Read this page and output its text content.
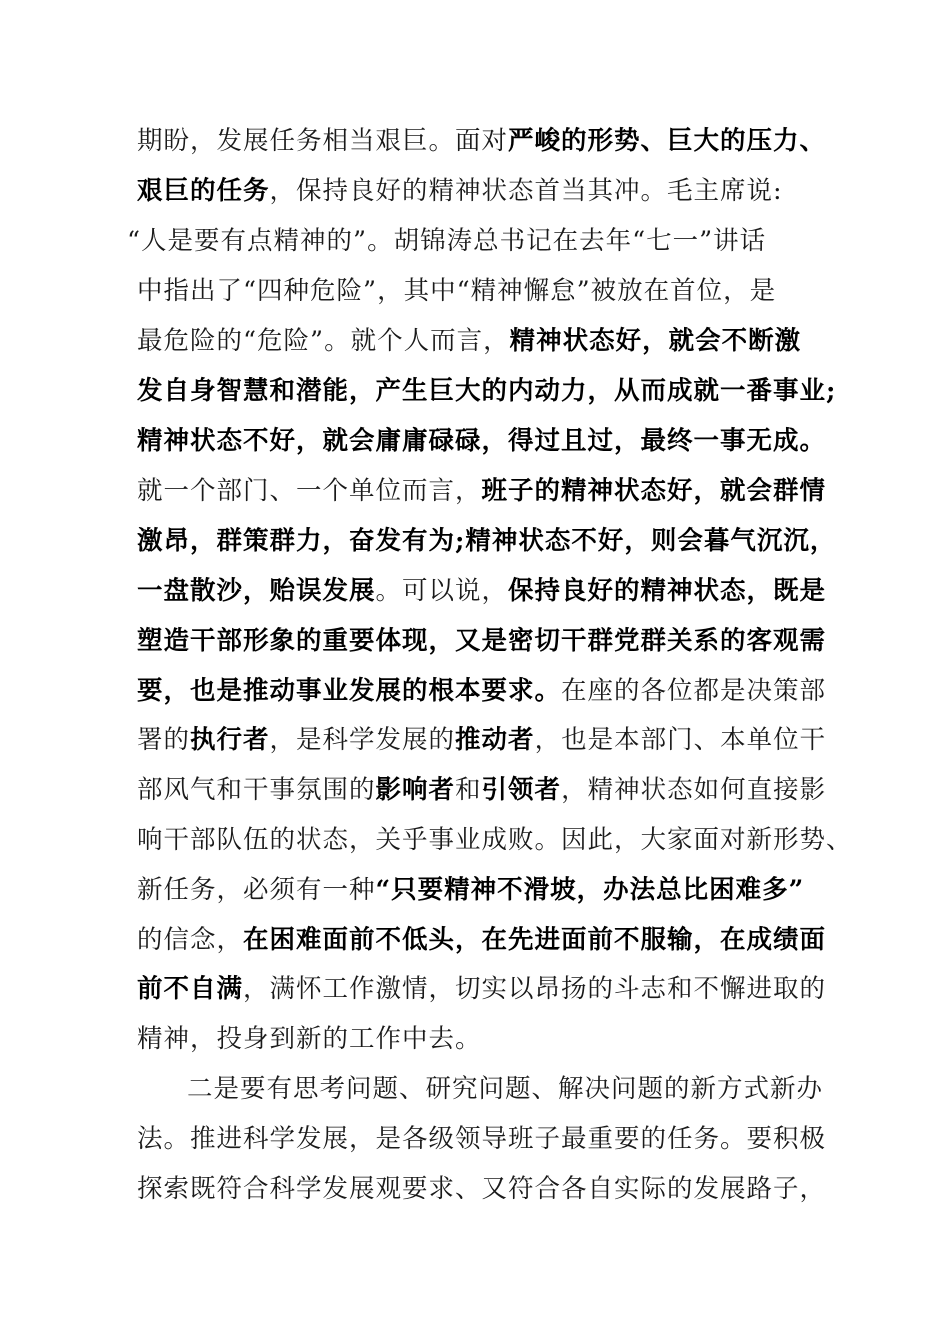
期盼，发展任务相当艰巨。面对严峻的形势、巨大的压力、
艰巨的任务，保持良好的精神状态首当其冲。毛主席说:
“人是要有点精神的”。胡锦涛总书记在去年“七一”讲话
中指出了“四种危险”，其中“精神懈怠”被放在首位，是
最危险的“危险”。就个人而言，精神状态好，就会不断激
发自身智慧和潜能，产生巨大的内动力，从而成就一番事业;
精神状态不好，就会庸庸碌碌，得过且过，最终一事无成。
就一个部门、一个单位而言，班子的精神状态好，就会群情
激昂，群策群力，奋发有为;精神状态不好，则会暮气沉沉，
一盘散沙，贻误发展。可以说，保持良好的精神状态，既是
塑造干部形象的重要体现，又是密切干群党群关系的客观需
要，也是推动事业发展的根本要求。在座的各位都是决策部
署的执行者，是科学发展的推动者，也是本部门、本单位干
部风气和干事氛围的影响者和引领者，精神状态如何直接影
响干部队伍的状态，关乎事业成败。因此，大家面对新形势、
新任务，必须有一种“只要精神不滑坡，办法总比困难多”
的信念，在困难面前不低头，在先进面前不服输，在成绩面
前不自满，满怀工作激情，切实以昂扬的斗志和不懈进取的
精神，投身到新的工作中去。
二是要有思考问题、研究问题、解决问题的新方式新办
法。推进科学发展，是各级领导班子最重要的任务。要积极
探索既符合科学发展观要求、又符合各自实际的发展路子，
